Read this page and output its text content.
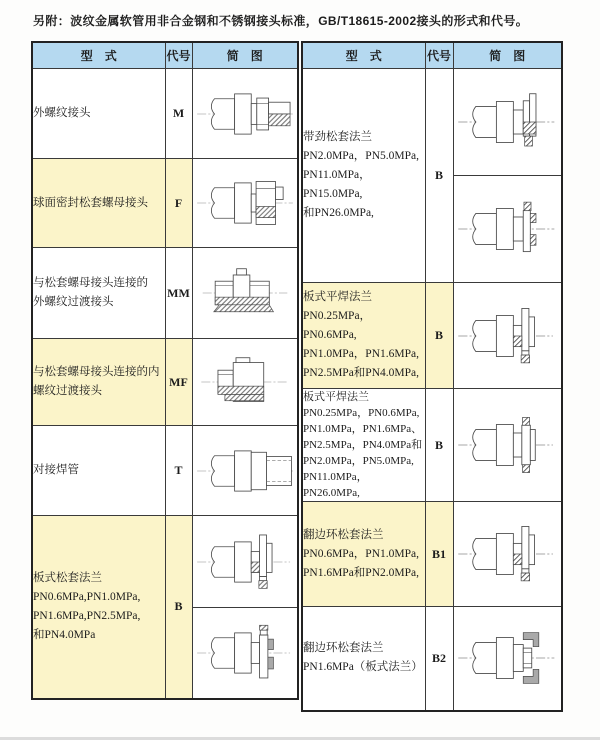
另附：波纹金属软管用非合金钢和不锈钢接头标准，GB/T18615-2002接头的形式和代号。
型　式	代号	简　图

外螺纹接头	M	

球面密封松套螺母接头	F	

与松套螺母接头连接的
外螺纹过渡接头	MM	

与松套螺母接头连接的内
螺纹过渡接头	MF	

对接焊管	T	

板式松套法兰
PN0.6MPa,PN1.0MPa,
PN1.6MPa,PN2.5MPa,
和PN4.0MPa	B	

型　式	代号	简　图

带劲松套法兰
PN2.0MPa，PN5.0MPa,
PN11.0MPa，PN15.0MPa,
和PN26.0MPa,	B	

板式平焊法兰
PN0.25MPa，PN0.6MPa,
PN1.0MPa，PN1.6MPa,
PN2.5MPa和PN4.0MPa,	B	

板式平焊法兰
PN0.25MPa，PN0.6MPa,
PN1.0MPa，PN1.6MPa、
PN2.5MPa，PN4.0MPa和
PN2.0MPa，PN5.0MPa,
PN11.0MPa，PN26.0MPa,
	B	

翻边环松套法兰
PN0.6MPa，PN1.0MPa,
PN1.6MPa和PN2.0MPa,	B1	

翻边环松套法兰
PN1.6MPa（板式法兰）	B2	
